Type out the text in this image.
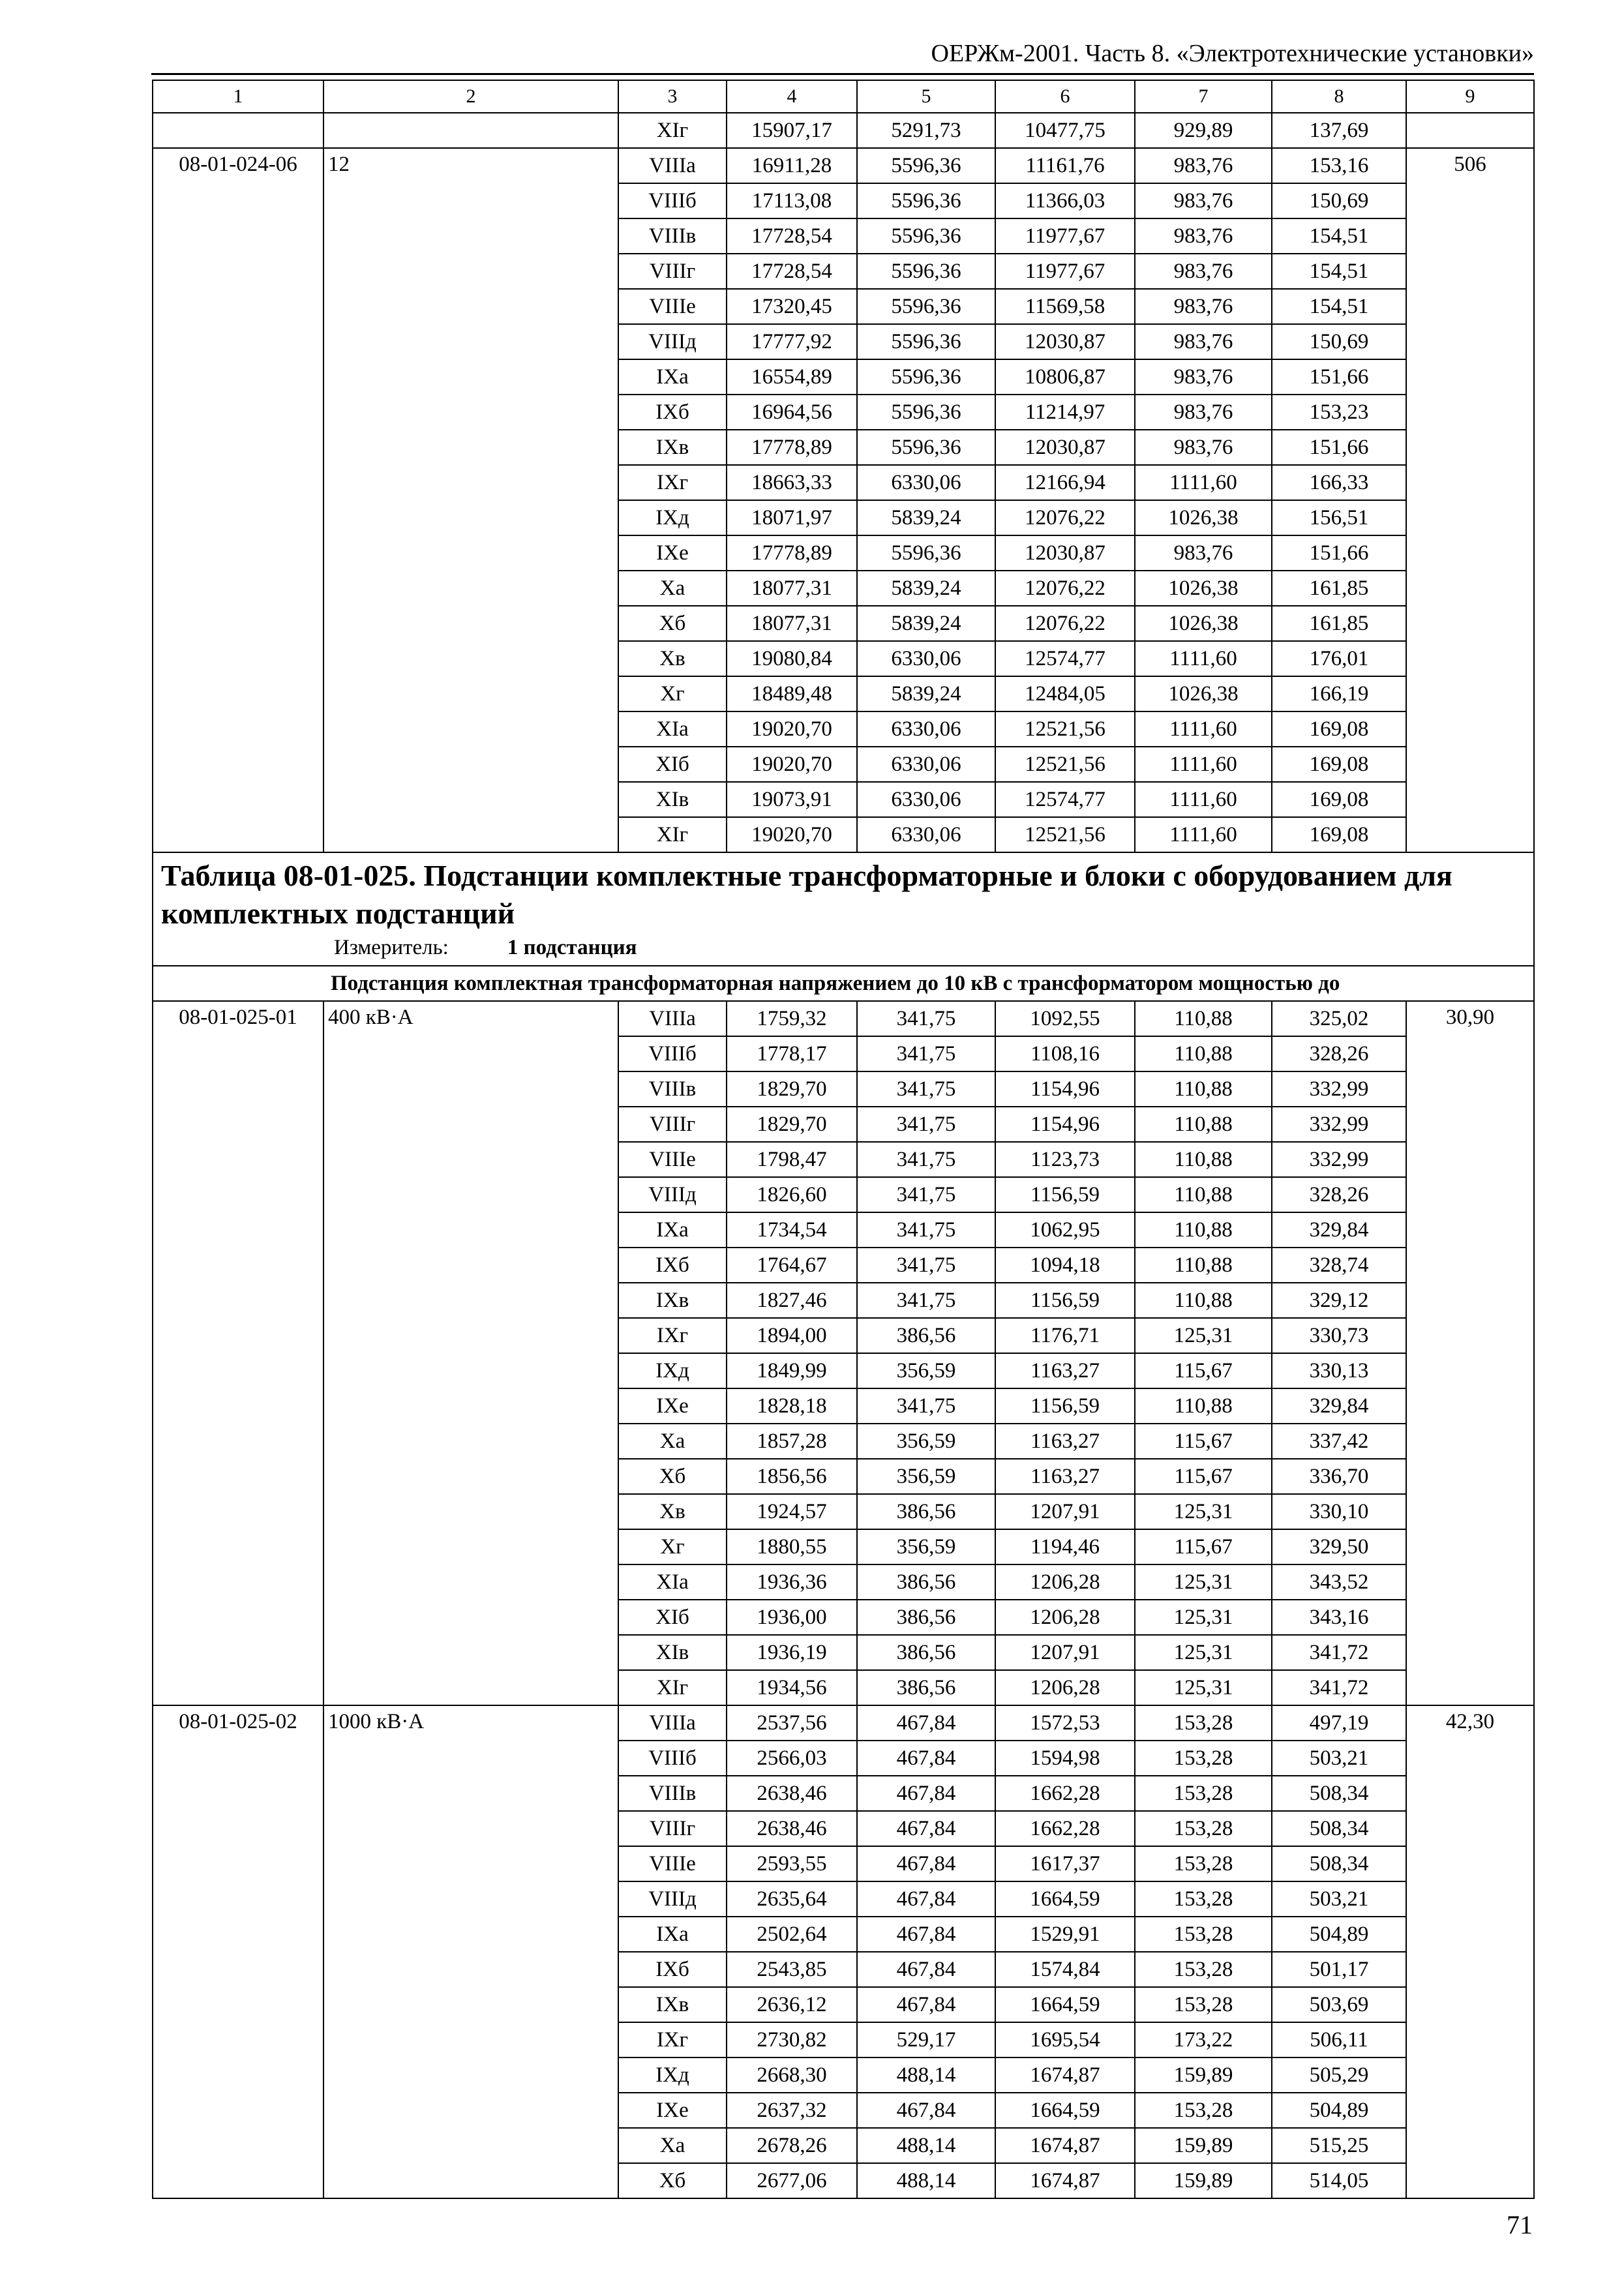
ОЕРЖм-2001. Часть 8. «Электротехнические установки»
1	2	3	4	5	6	7	8	9
		XIг	15907,17	5291,73	10477,75	929,89	137,69	
08-01-024-06	12	VIIIа	16911,28	5596,36	11161,76	983,76	153,16	506
		VIIIб	17113,08	5596,36	11366,03	983,76	150,69	
		VIIIв	17728,54	5596,36	11977,67	983,76	154,51	
		VIIIг	17728,54	5596,36	11977,67	983,76	154,51	
		VIIIе	17320,45	5596,36	11569,58	983,76	154,51	
		VIIIд	17777,92	5596,36	12030,87	983,76	150,69	
		IXа	16554,89	5596,36	10806,87	983,76	151,66	
		IXб	16964,56	5596,36	11214,97	983,76	153,23	
		IXв	17778,89	5596,36	12030,87	983,76	151,66	
		IXг	18663,33	6330,06	12166,94	1111,60	166,33	
		IXд	18071,97	5839,24	12076,22	1026,38	156,51	
		IXе	17778,89	5596,36	12030,87	983,76	151,66	
		Xа	18077,31	5839,24	12076,22	1026,38	161,85	
		Xб	18077,31	5839,24	12076,22	1026,38	161,85	
		Xв	19080,84	6330,06	12574,77	1111,60	176,01	
		Xг	18489,48	5839,24	12484,05	1026,38	166,19	
		XIа	19020,70	6330,06	12521,56	1111,60	169,08	
		XIб	19020,70	6330,06	12521,56	1111,60	169,08	
		XIв	19073,91	6330,06	12574,77	1111,60	169,08	
		XIг	19020,70	6330,06	12521,56	1111,60	169,08	

Таблица 08-01-025. Подстанции комплектные трансформаторные и блоки с оборудованием для комплектных подстанций
Измеритель: 1 подстанция								

Подстанция комплектная трансформаторная напряжением до 10 кВ с трансформатором мощностью до								
08-01-025-01	400 кВ·А	VIIIа	1759,32	341,75	1092,55	110,88	325,02	30,90
		VIIIб	1778,17	341,75	1108,16	110,88	328,26	
		VIIIв	1829,70	341,75	1154,96	110,88	332,99	
		VIIIг	1829,70	341,75	1154,96	110,88	332,99	
		VIIIе	1798,47	341,75	1123,73	110,88	332,99	
		VIIIд	1826,60	341,75	1156,59	110,88	328,26	
		IXа	1734,54	341,75	1062,95	110,88	329,84	
		IXб	1764,67	341,75	1094,18	110,88	328,74	
		IXв	1827,46	341,75	1156,59	110,88	329,12	
		IXг	1894,00	386,56	1176,71	125,31	330,73	
		IXд	1849,99	356,59	1163,27	115,67	330,13	
		IXе	1828,18	341,75	1156,59	110,88	329,84	
		Xа	1857,28	356,59	1163,27	115,67	337,42	
		Xб	1856,56	356,59	1163,27	115,67	336,70	
		Xв	1924,57	386,56	1207,91	125,31	330,10	
		Xг	1880,55	356,59	1194,46	115,67	329,50	
		XIа	1936,36	386,56	1206,28	125,31	343,52	
		XIб	1936,00	386,56	1206,28	125,31	343,16	
		XIв	1936,19	386,56	1207,91	125,31	341,72	
		XIг	1934,56	386,56	1206,28	125,31	341,72	
08-01-025-02	1000 кВ·А	VIIIа	2537,56	467,84	1572,53	153,28	497,19	42,30
		VIIIб	2566,03	467,84	1594,98	153,28	503,21	
		VIIIв	2638,46	467,84	1662,28	153,28	508,34	
		VIIIг	2638,46	467,84	1662,28	153,28	508,34	
		VIIIе	2593,55	467,84	1617,37	153,28	508,34	
		VIIIд	2635,64	467,84	1664,59	153,28	503,21	
		IXа	2502,64	467,84	1529,91	153,28	504,89	
		IXб	2543,85	467,84	1574,84	153,28	501,17	
		IXв	2636,12	467,84	1664,59	153,28	503,69	
		IXг	2730,82	529,17	1695,54	173,22	506,11	
		IXд	2668,30	488,14	1674,87	159,89	505,29	
		IXе	2637,32	467,84	1664,59	153,28	504,89	
		Xа	2678,26	488,14	1674,87	159,89	515,25	
		Xб	2677,06	488,14	1674,87	159,89	514,05	
71
